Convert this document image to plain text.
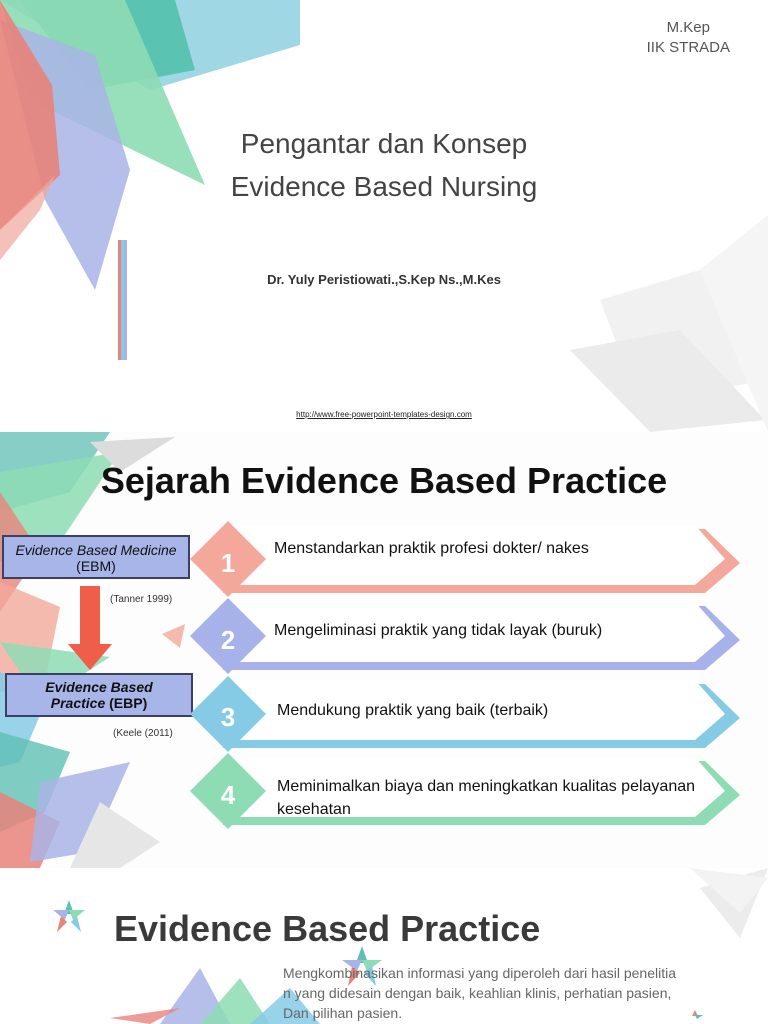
M.Kep
IIK STRADA
Pengantar dan Konsep
Evidence Based Nursing
Dr. Yuly Peristiowati.,S.Kep Ns.,M.Kes
http://www.free-powerpoint-templates-design.com
Sejarah Evidence Based Practice
Evidence Based Medicine
(EBM)
(Tanner 1999)
Evidence Based
Practice (EBP)
(Keele (2011)
1
2
3
4
Menstandarkan praktik profesi dokter/ nakes
Mengeliminasi praktik yang tidak layak (buruk)
Mendukung praktik yang baik (terbaik)
Meminimalkan biaya dan meningkatkan kualitas pelayanan kesehatan
Evidence Based Practice
Mengkombinasikan informasi yang diperoleh dari hasil penelitia
n yang didesain dengan baik, keahlian klinis, perhatian pasien,
Dan pilihan pasien.
